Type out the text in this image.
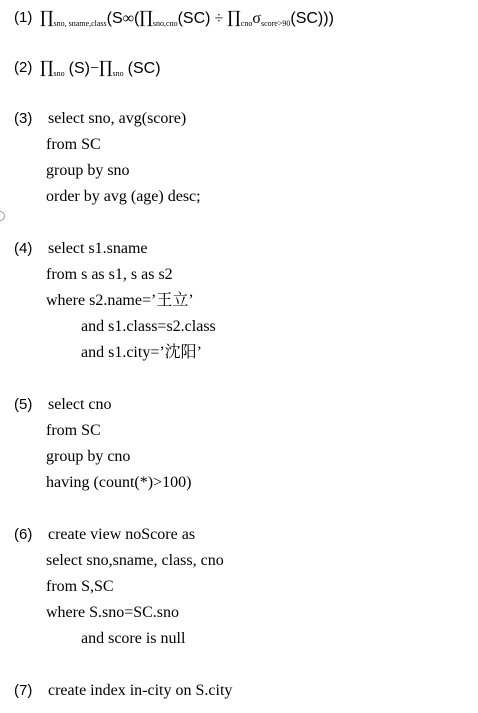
(1) ∏sno, sname,class(S∞(∏sno,cno(SC) ÷ ∏cnoσscore>90(SC)))
(2) ∏sno (S)−∏sno (SC)
(3) select sno, avg(score)
from SC
group by sno
order by avg (age) desc;
(4) select s1.sname
from s as s1, s as s2
where s2.name=’王立’
and s1.class=s2.class
and s1.city=’沈阳’
(5) select cno
from SC
group by cno
having (count(*)>100)
(6) create view noScore as
select sno,sname, class, cno
from S,SC
where S.sno=SC.sno
and score is null
(7) create index in-city on S.city
